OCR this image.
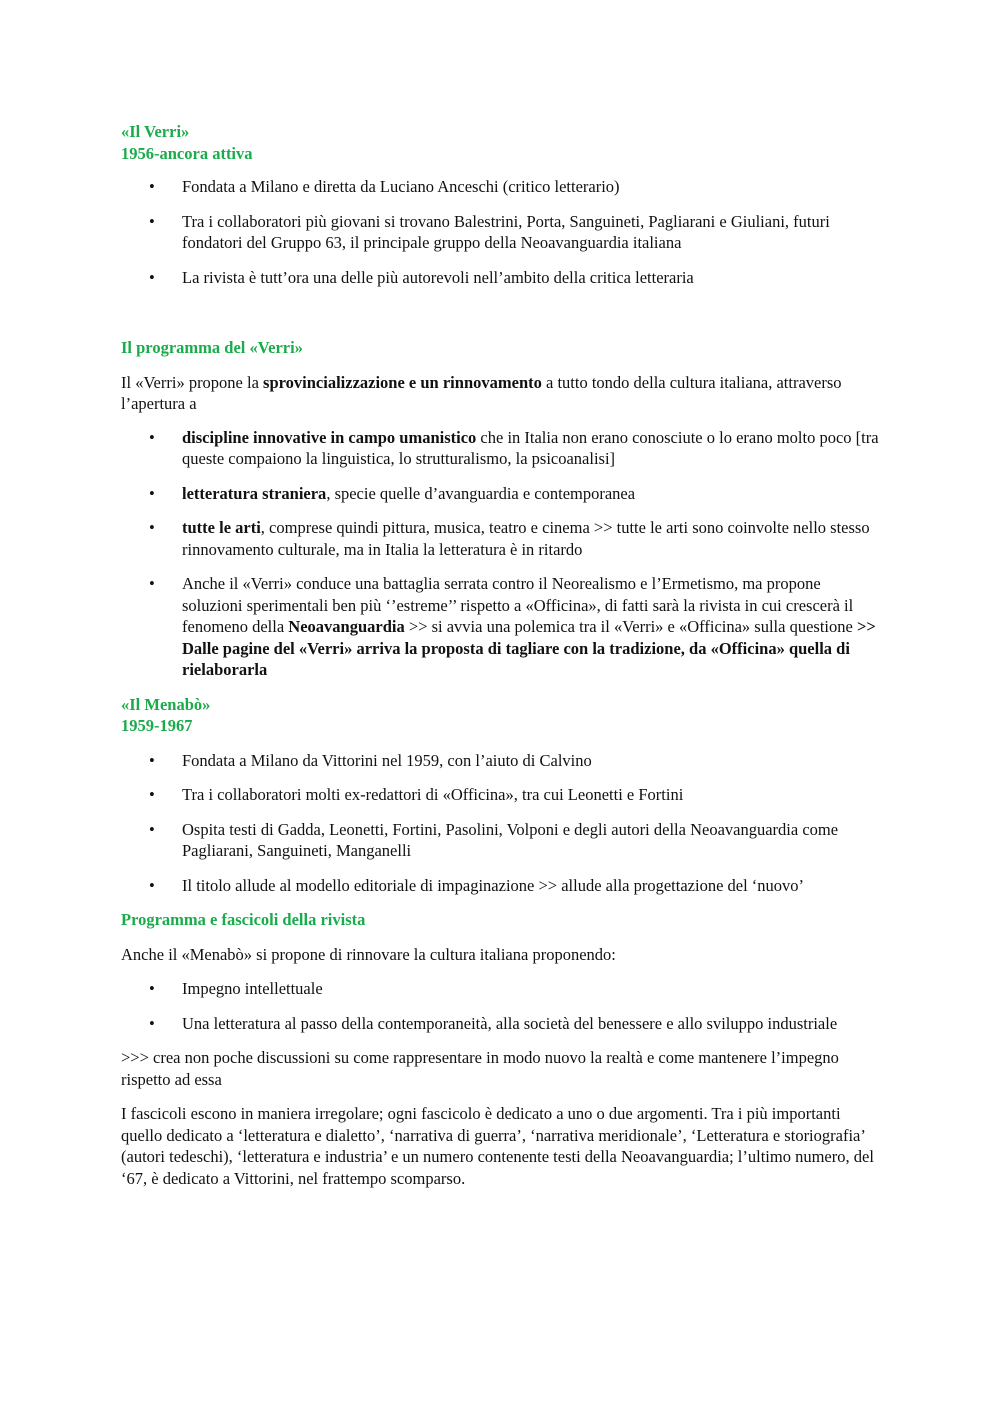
«Il Verri»

1956-ancora attiva

• Fondata a Milano e diretta da Luciano Anceschi (critico letterario)
• Tra i collaboratori più giovani si trovano Balestrini, Porta, Sanguineti, Pagliarani e Giuliani, futuri fondatori del Gruppo 63, il principale gruppo della Neoavanguardia italiana
• La rivista è tutt’ora una delle più autorevoli nell’ambito della critica letteraria

Il programma del «Verri»

Il «Verri» propone la sprovincializzazione e un rinnovamento a tutto tondo della cultura italiana, attraverso l’apertura a

• discipline innovative in campo umanistico che in Italia non erano conosciute o lo erano molto poco [tra queste compaiono la linguistica, lo strutturalismo, la psicoanalisi]
• letteratura straniera, specie quelle d’avanguardia e contemporanea
• tutte le arti, comprese quindi pittura, musica, teatro e cinema >> tutte le arti sono coinvolte nello stesso rinnovamento culturale, ma in Italia la letteratura è in ritardo
• Anche il «Verri» conduce una battaglia serrata contro il Neorealismo e l’Ermetismo, ma propone soluzioni sperimentali ben più ‘’estreme’’ rispetto a «Officina», di fatti sarà la rivista in cui crescerà il fenomeno della Neoavanguardia >> si avvia una polemica tra il «Verri» e «Officina» sulla questione >> Dalle pagine del «Verri» arriva la proposta di tagliare con la tradizione, da «Officina» quella di rielaborarla

«Il Menabò»

1959-1967

• Fondata a Milano da Vittorini nel 1959, con l’aiuto di Calvino
• Tra i collaboratori molti ex-redattori di «Officina», tra cui Leonetti e Fortini
• Ospita testi di Gadda, Leonetti, Fortini, Pasolini, Volponi e degli autori della Neoavanguardia come Pagliarani, Sanguineti, Manganelli
• Il titolo allude al modello editoriale di impaginazione >> allude alla progettazione del ‘nuovo’

Programma e fascicoli della rivista

Anche il «Menabò» si propone di rinnovare la cultura italiana proponendo:

• Impegno intellettuale
• Una letteratura al passo della contemporaneità, alla società del benessere e allo sviluppo industriale

>>> crea non poche discussioni su come rappresentare in modo nuovo la realtà e come mantenere l’impegno rispetto ad essa

I fascicoli escono in maniera irregolare; ogni fascicolo è dedicato a uno o due argomenti. Tra i più importanti quello dedicato a ‘letteratura e dialetto’, ‘narrativa di guerra’, ‘narrativa meridionale’, ‘Letteratura e storiografia’ (autori tedeschi), ‘letteratura e industria’ e un numero contenente testi della Neoavanguardia; l’ultimo numero, del ‘67, è dedicato a Vittorini, nel frattempo scomparso.
